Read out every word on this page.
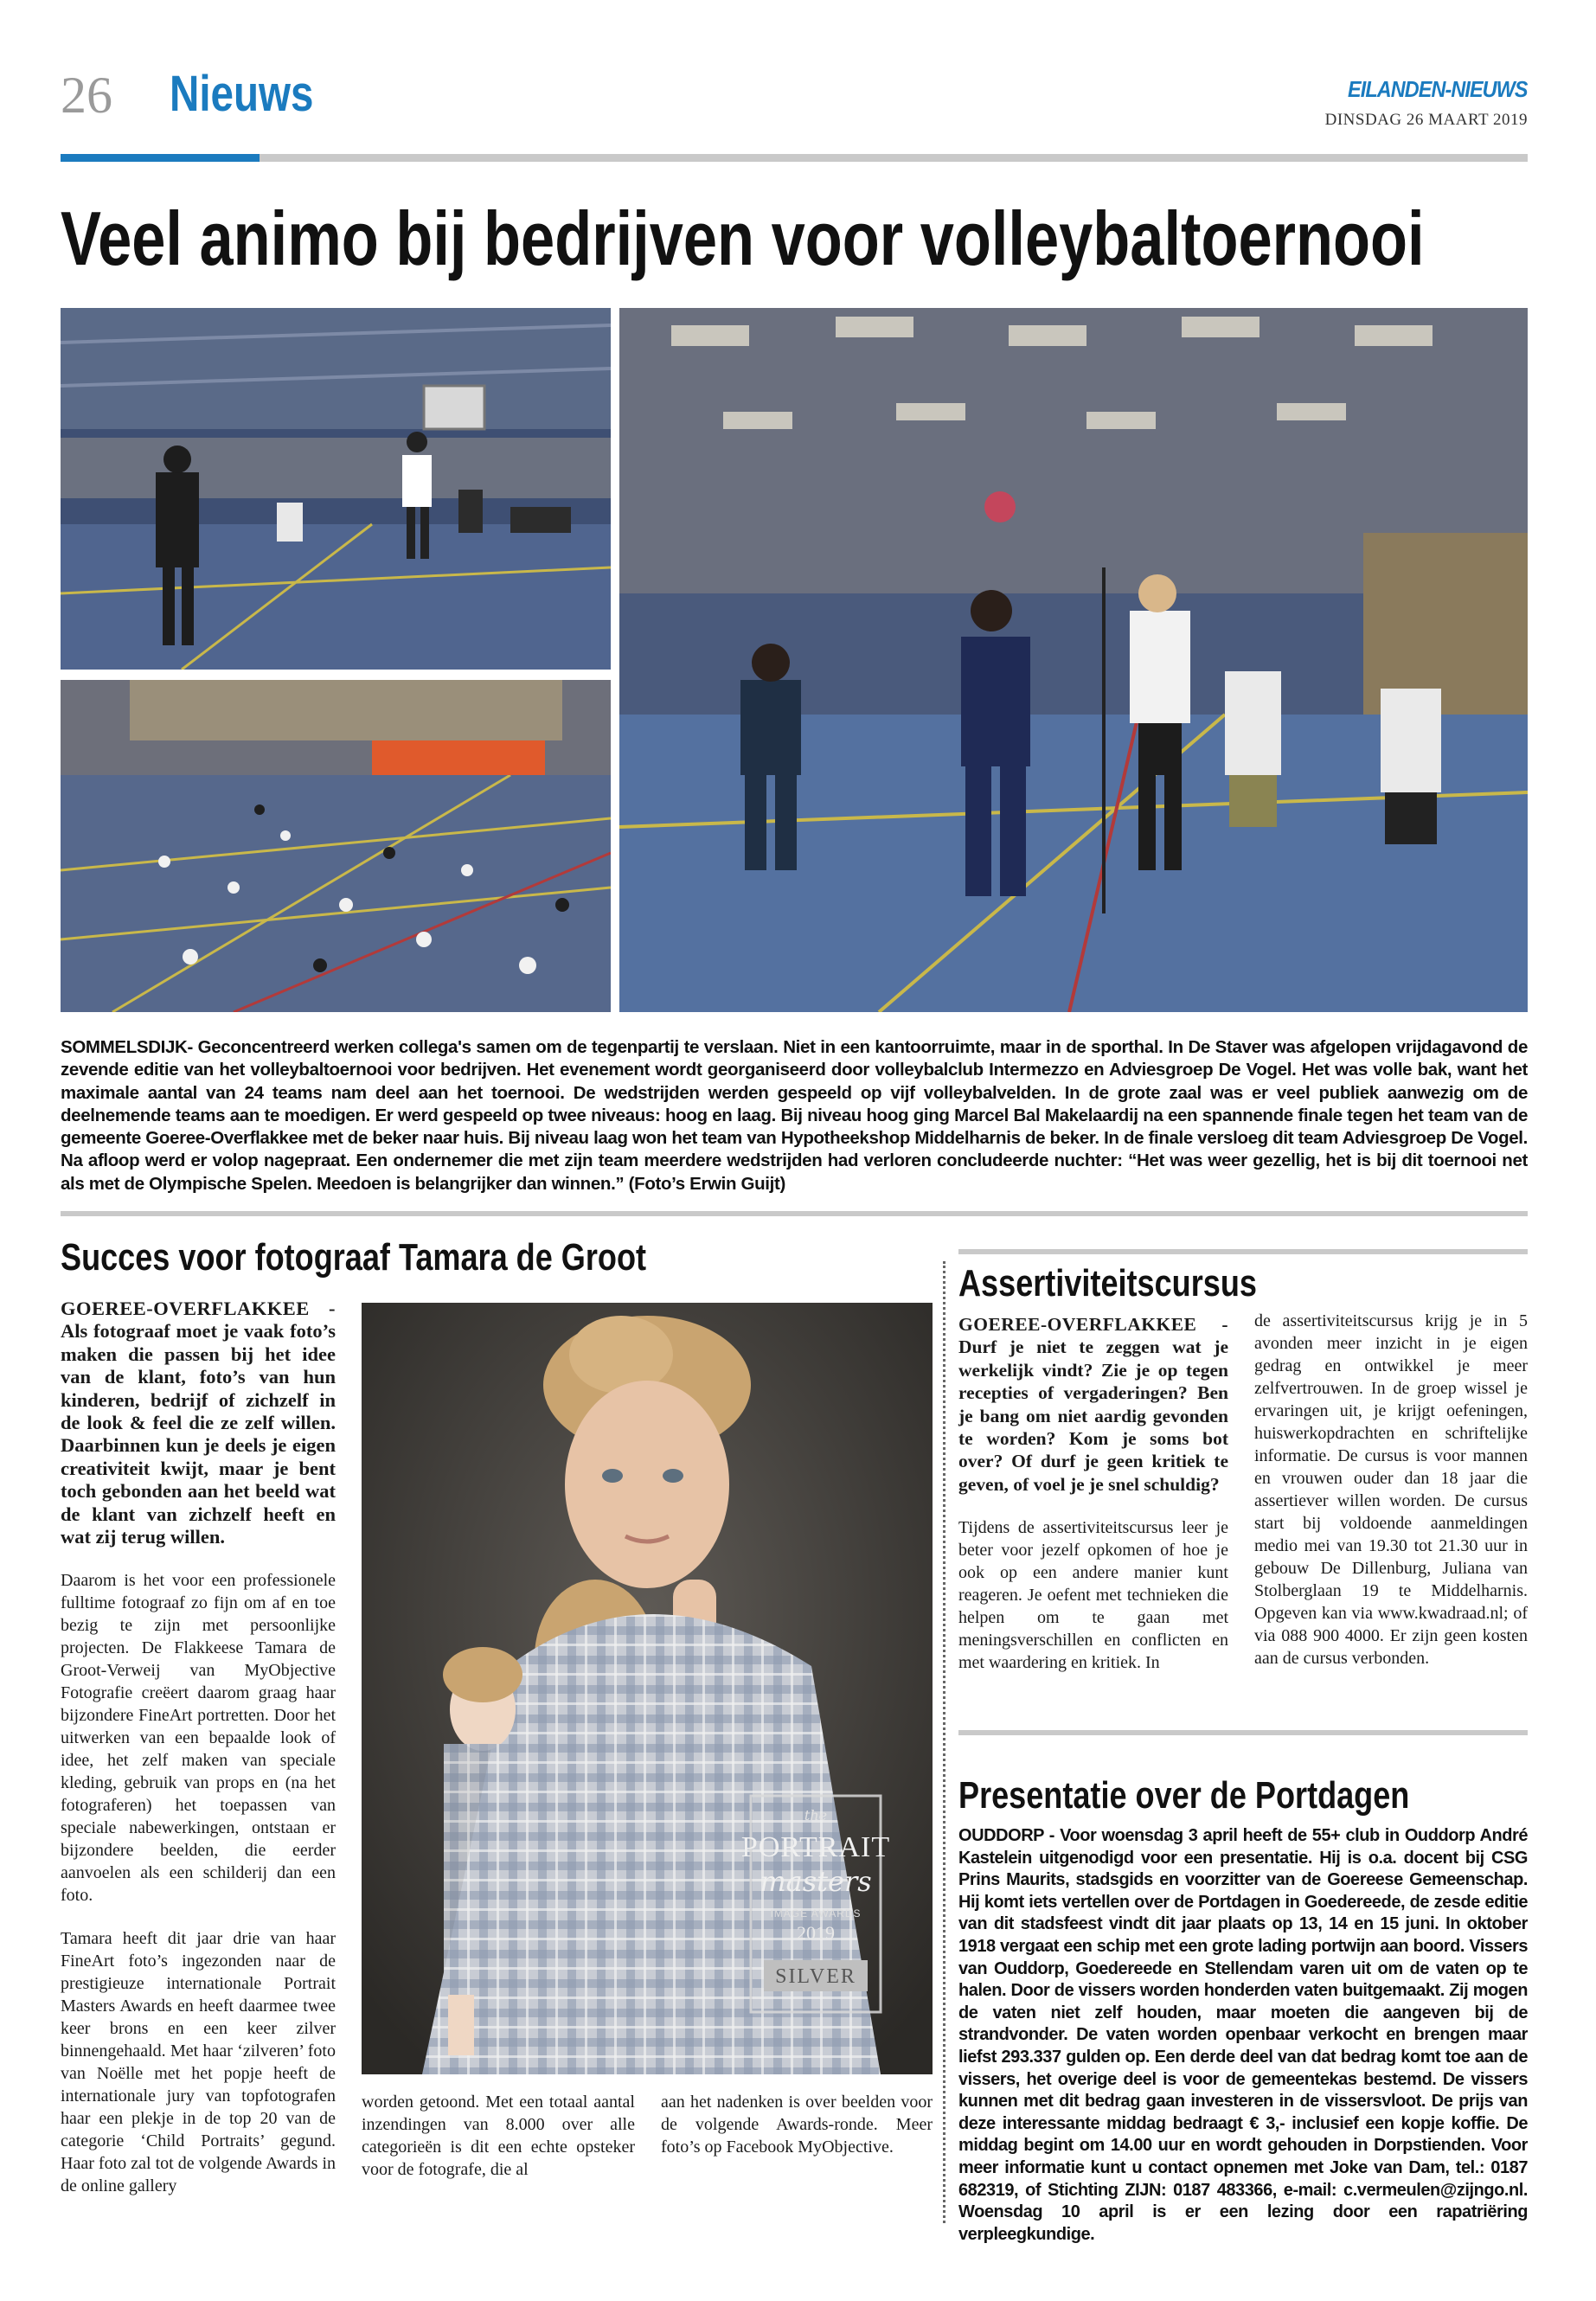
26 Nieuws	EILANDEN-NIEUWS
DINSDAG 26 MAART 2019
Veel animo bij bedrijven voor volleybaltoernooi

SOMMELSDIJK- Geconcentreerd werken collega's samen om de tegenpartij te verslaan. Niet in een kantoorruimte, maar in de sporthal. In De Staver was afgelopen vrijdagavond de zevende editie van het volleybaltoernooi voor bedrijven. Het evenement wordt georganiseerd door volleybalclub Intermezzo en Adviesgroep De Vogel. Het was volle bak, want het maximale aantal van 24 teams nam deel aan het toernooi. De wedstrijden werden gespeeld op vijf volleybalvelden. In de grote zaal was er veel publiek aanwezig om de deelnemende teams aan te moedigen. Er werd gespeeld op twee niveaus: hoog en laag. Bij niveau hoog ging Marcel Bal Makelaardij na een spannende finale tegen het team van de gemeente Goeree-Overflakkee met de beker naar huis. Bij niveau laag won het team van Hypotheekshop Middelharnis de beker. In de finale versloeg dit team Adviesgroep De Vogel. Na afloop werd er volop nagepraat. Een ondernemer die met zijn team meerdere wedstrijden had verloren concludeerde nuchter: “Het was weer gezellig, het is bij dit toernooi net als met de Olympische Spelen. Meedoen is belangrijker dan winnen.” (Foto’s Erwin Guijt)

Succes voor fotograaf Tamara de Groot

GOEREE-OVERFLAKKEE - Als fotograaf moet je vaak foto’s maken die passen bij het idee van de klant, foto’s van hun kinderen, bedrijf of zichzelf in de look & feel die ze zelf willen. Daarbinnen kun je deels je eigen creativiteit kwijt, maar je bent toch gebonden aan het beeld wat de klant van zichzelf heeft en wat zij terug willen.

Daarom is het voor een professionele fulltime fotograaf zo fijn om af en toe bezig te zijn met persoonlijke projecten. De Flakkeese Tamara de Groot-Verweij van MyObjective Fotografie creëert daarom graag haar bijzondere FineArt portretten. Door het uitwerken van een bepaalde look of idee, het zelf maken van speciale kleding, gebruik van props en (na het fotograferen) het toepassen van speciale nabewerkingen, ontstaan er bijzondere beelden, die eerder aanvoelen als een schilderij dan een foto.

Tamara heeft dit jaar drie van haar FineArt foto’s ingezonden naar de prestigieuze internationale Portrait Masters Awards en heeft daarmee twee keer brons en een keer zilver binnengehaald. Met haar ‘zilveren’ foto van Noëlle met het popje heeft de internationale jury van topfotografen haar een plekje in de top 20 van de categorie ‘Child Portraits’ gegund. Haar foto zal tot de volgende Awards in de online gallery

the
PORTRAIT
masters
IMAGE AWARDS
2019
SILVER

worden getoond. Met een totaal aantal inzendingen van 8.000 over alle categorieën is dit een echte opsteker voor de fotografe, die al

aan het nadenken is over beelden voor de volgende Awards-ronde. Meer foto’s op Facebook MyObjective.

Assertiviteitscursus

GOEREE-OVERFLAKKEE - Durf je niet te zeggen wat je werkelijk vindt? Zie je op tegen recepties of vergaderingen? Ben je bang om niet aardig gevonden te worden? Kom je soms bot over? Of durf je geen kritiek te geven, of voel je je snel schuldig?

Tijdens de assertiviteitscursus leer je beter voor jezelf opkomen of hoe je ook op een andere manier kunt reageren. Je oefent met technieken die helpen om te gaan met meningsverschillen en conflicten en met waardering en kritiek. In

de assertiviteitscursus krijg je in 5 avonden meer inzicht in je eigen gedrag en ontwikkel je meer zelfvertrouwen. In de groep wissel je ervaringen uit, je krijgt oefeningen, huiswerkopdrachten en schriftelijke informatie. De cursus is voor mannen en vrouwen ouder dan 18 jaar die assertiever willen worden. De cursus start bij voldoende aanmeldingen medio mei van 19.30 tot 21.30 uur in gebouw De Dillenburg, Juliana van Stolberglaan 19 te Middelharnis. Opgeven kan via www.kwadraad.nl; of via 088 900 4000. Er zijn geen kosten aan de cursus verbonden.

Presentatie over de Portdagen

OUDDORP - Voor woensdag 3 april heeft de 55+ club in Ouddorp André Kastelein uitgenodigd voor een presentatie. Hij is o.a. docent bij CSG Prins Maurits, stadsgids en voorzitter van de Goereese Gemeenschap. Hij komt iets vertellen over de Portdagen in Goedereede, de zesde editie van dit stadsfeest vindt dit jaar plaats op 13, 14 en 15 juni. In oktober 1918 vergaat een schip met een grote lading portwijn aan boord. Vissers van Ouddorp, Goedereede en Stellendam varen uit om de vaten op te halen. Door de vissers worden honderden vaten buitgemaakt. Zij mogen de vaten niet zelf houden, maar moeten die aangeven bij de strandvonder. De vaten worden openbaar verkocht en brengen maar liefst 293.337 gulden op. Een derde deel van dat bedrag komt toe aan de vissers, het overige deel is voor de gemeentekas bestemd. De vissers kunnen met dit bedrag gaan investeren in de vissersvloot. De prijs van deze interessante middag bedraagt € 3,- inclusief een kopje koffie. De middag begint om 14.00 uur en wordt gehouden in Dorpstienden. Voor meer informatie kunt u contact opnemen met Joke van Dam, tel.: 0187 682319, of Stichting ZIJN: 0187 483366, e-mail: c.vermeulen@zijngo.nl. Woensdag 10 april is er een lezing door een rapatriëring verpleegkundige.
